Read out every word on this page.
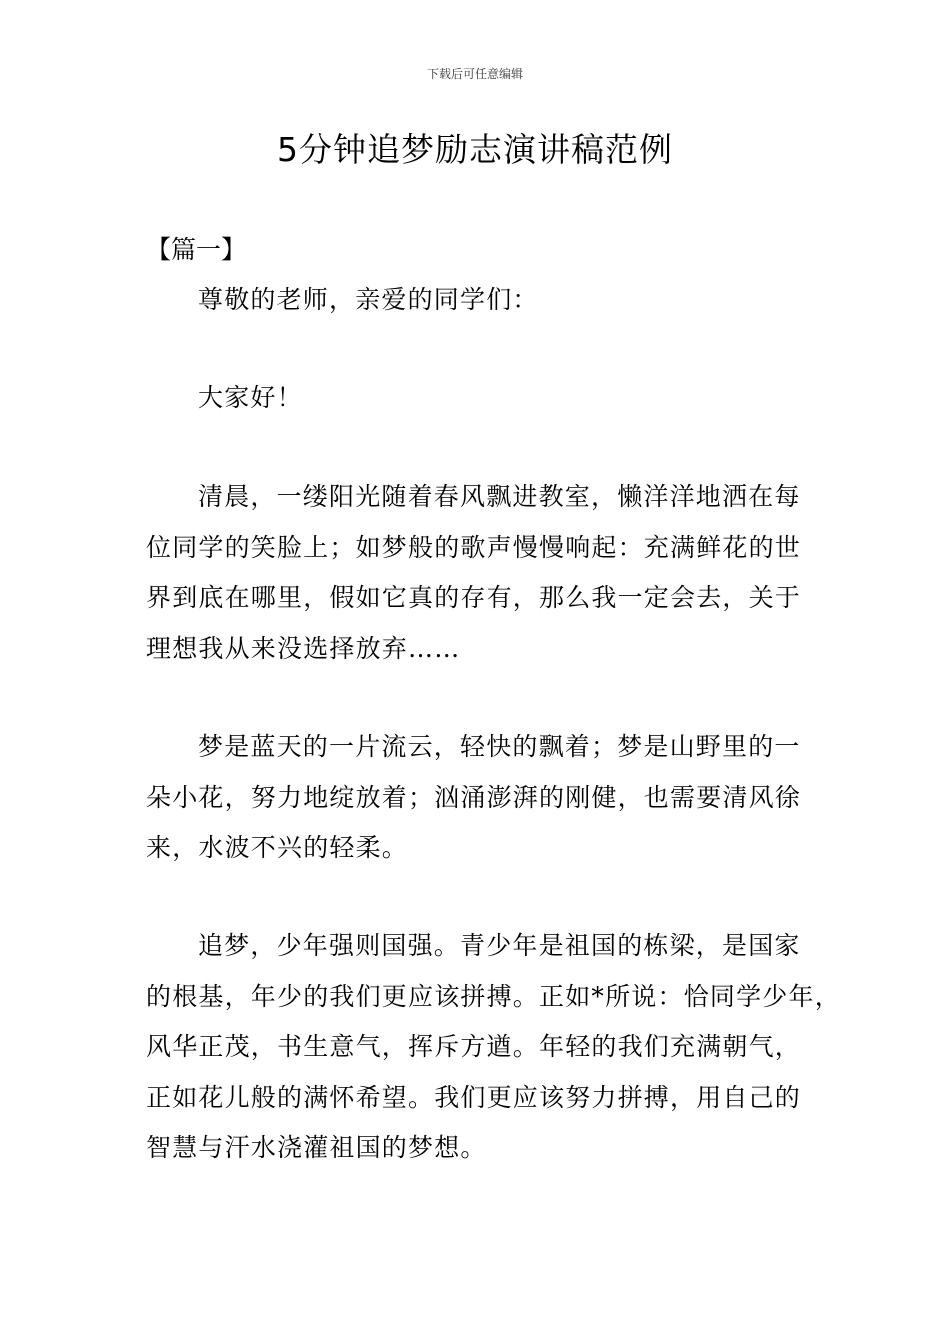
下载后可任意编辑
5分钟追梦励志演讲稿范例
【篇一】
尊敬的老师，亲爱的同学们：
大家好！
清晨，一缕阳光随着春风飘进教室，懒洋洋地洒在每
位同学的笑脸上；如梦般的歌声慢慢响起：充满鲜花的世
界到底在哪里，假如它真的存有，那么我一定会去，关于
理想我从来没选择放弃……
梦是蓝天的一片流云，轻快的飘着；梦是山野里的一
朵小花，努力地绽放着；汹涌澎湃的刚健，也需要清风徐
来，水波不兴的轻柔。
追梦，少年强则国强。青少年是祖国的栋梁，是国家
的根基，年少的我们更应该拼搏。正如*所说：恰同学少年，
风华正茂，书生意气，挥斥方遒。年轻的我们充满朝气，
正如花儿般的满怀希望。我们更应该努力拼搏，用自己的
智慧与汗水浇灌祖国的梦想。
